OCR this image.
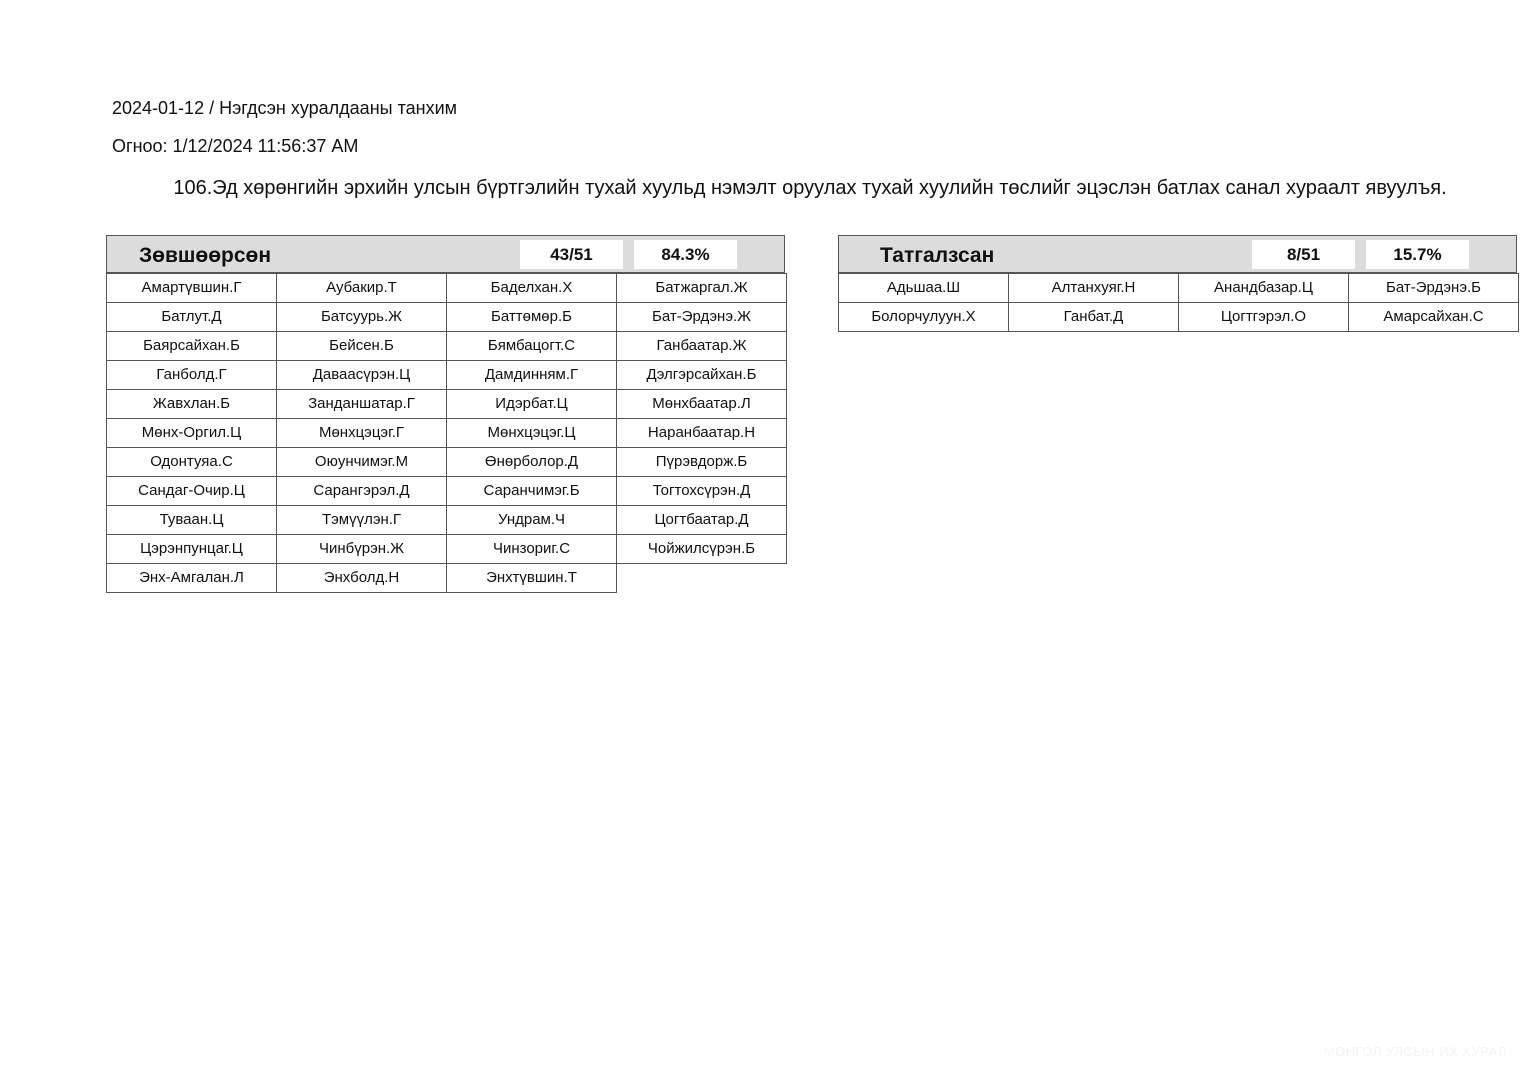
2024-01-12 / Нэгдсэн хуралдааны танхим
Огноо: 1/12/2024 11:56:37 AM
106.Эд хөрөнгийн эрхийн улсын бүртгэлийн тухай хуульд нэмэлт оруулах тухай хуулийн төслийг эцэслэн батлах санал хураалт явуулъя.
Зөвшөөрсөн	43/51	84.3%
Амартүвшин.Г	Аубакир.Т	Баделхан.Х	Батжаргал.Ж
Батлут.Д	Батсуурь.Ж	Баттөмөр.Б	Бат-Эрдэнэ.Ж
Баярсайхан.Б	Бейсен.Б	Бямбацогт.С	Ганбаатар.Ж
Ганболд.Г	Даваасүрэн.Ц	Дамдинням.Г	Дэлгэрсайхан.Б
Жавхлан.Б	Занданшатар.Г	Идэрбат.Ц	Мөнхбаатар.Л
Мөнх-Оргил.Ц	Мөнхцэцэг.Г	Мөнхцэцэг.Ц	Наранбаатар.Н
Одонтуяа.С	Оюунчимэг.М	Өнөрболор.Д	Пүрэвдорж.Б
Сандаг-Очир.Ц	Сарангэрэл.Д	Саранчимэг.Б	Тогтохсүрэн.Д
Туваан.Ц	Тэмүүлэн.Г	Ундрам.Ч	Цогтбаатар.Д
Цэрэнпунцаг.Ц	Чинбүрэн.Ж	Чинзориг.С	Чойжилсүрэн.Б
Энх-Амгалан.Л	Энхболд.Н	Энхтүвшин.Т
Татгалзсан	8/51	15.7%
Адьшаа.Ш	Алтанхуяг.Н	Анандбазар.Ц	Бат-Эрдэнэ.Б
Болорчулуун.Х	Ганбат.Д	Цогтгэрэл.О	Амарсайхан.С
МОНГОЛ УЛСЫН ИХ ХУРАЛ
